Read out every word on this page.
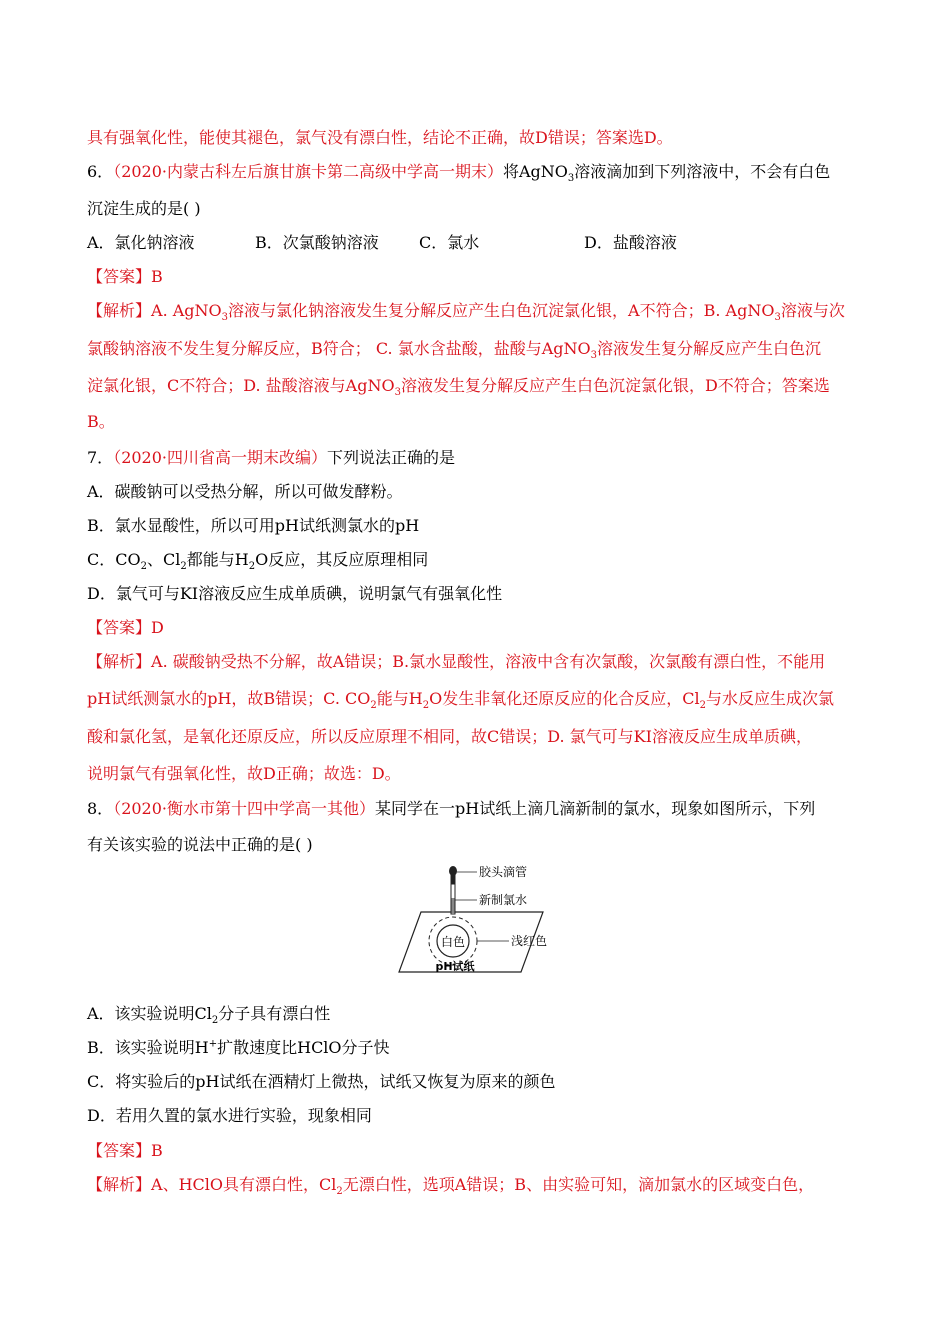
具有强氧化性，能使其褪色，氯气没有漂白性，结论不正确，故D错误；答案选D。
6．（2020·内蒙古科左后旗甘旗卡第二高级中学高一期末）将AgNO$_3$溶液滴加到下列溶液中，不会有白色
沉淀生成的是( )
A．氯化钠溶液	B．次氯酸钠溶液	C．氯水	D．盐酸溶液
【答案】B
【解析】A. AgNO$_3$溶液与氯化钠溶液发生复分解反应产生白色沉淀氯化银，A不符合；B. AgNO$_3$溶液与次
氯酸钠溶液不发生复分解反应，B符合； C. 氯水含盐酸，盐酸与AgNO$_3$溶液发生复分解反应产生白色沉
淀氯化银，C不符合；D. 盐酸溶液与AgNO$_3$溶液发生复分解反应产生白色沉淀氯化银，D不符合；答案选
B。
7．（2020·四川省高一期末改编）下列说法正确的是
A．碳酸钠可以受热分解，所以可做发酵粉。
B．氯水显酸性，所以可用pH试纸测氯水的pH
C．$CO_2$、$Cl_2$都能与$H_2O$反应，其反应原理相同
D．氯气可与KI溶液反应生成单质碘，说明氯气有强氧化性
【答案】D
【解析】A. 碳酸钠受热不分解，故A错误；B.氯水显酸性，溶液中含有次氯酸，次氯酸有漂白性，不能用
pH试纸测氯水的pH，故B错误；C. $CO_2$能与$H_2O$发生非氧化还原反应的化合反应，$Cl_2$与水反应生成次氯
酸和氯化氢，是氧化还原反应，所以反应原理不相同，故C错误；D. 氯气可与KI溶液反应生成单质碘，
说明氯气有强氧化性，故D正确；故选：D。
8．（2020·衡水市第十四中学高一其他）某同学在一pH试纸上滴几滴新制的氯水，现象如图所示，下列
有关该实验的说法中正确的是( )
白色
胶头滴管
新制氯水
浅红色
pH试纸
A．该实验说明$Cl_2$分子具有漂白性
B．该实验说明H+扩散速度比HClO分子快
C．将实验后的pH试纸在酒精灯上微热，试纸又恢复为原来的颜色
D．若用久置的氯水进行实验，现象相同
【答案】B
【解析】A、HClO具有漂白性，$Cl_2$无漂白性，选项A错误；B、由实验可知，滴加氯水的区域变白色，
